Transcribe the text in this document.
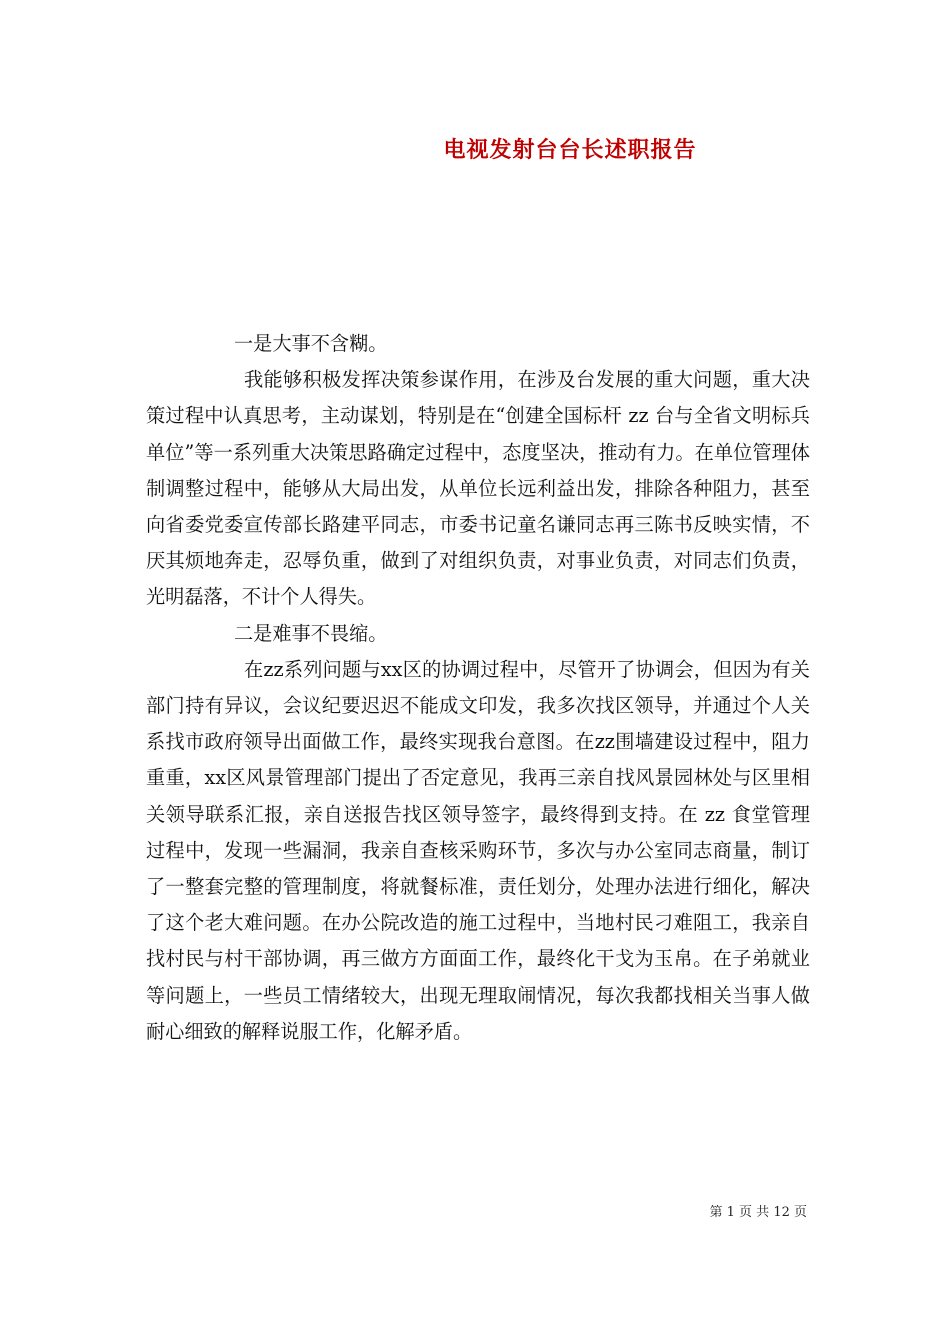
电视发射台台长述职报告

一是大事不含糊。

我能够积极发挥决策参谋作用，在涉及台发展的重大问题，重大决策过程中认真思考，主动谋划，特别是在“创建全国标杆 zz 台与全省文明标兵单位”等一系列重大决策思路确定过程中，态度坚决，推动有力。在单位管理体制调整过程中，能够从大局出发，从单位长远利益出发，排除各种阻力，甚至向省委党委宣传部长路建平同志，市委书记童名谦同志再三陈书反映实情，不厌其烦地奔走，忍辱负重，做到了对组织负责，对事业负责，对同志们负责，光明磊落，不计个人得失。

二是难事不畏缩。

在zz系列问题与xx区的协调过程中，尽管开了协调会，但因为有关部门持有异议，会议纪要迟迟不能成文印发，我多次找区领导，并通过个人关系找市政府领导出面做工作，最终实现我台意图。在zz围墙建设过程中，阻力重重，xx区风景管理部门提出了否定意见，我再三亲自找风景园林处与区里相关领导联系汇报，亲自送报告找区领导签字，最终得到支持。在 zz 食堂管理过程中，发现一些漏洞，我亲自查核采购环节，多次与办公室同志商量，制订了一整套完整的管理制度，将就餐标准，责任划分，处理办法进行细化，解决了这个老大难问题。在办公院改造的施工过程中，当地村民刁难阻工，我亲自找村民与村干部协调，再三做方方面面工作，最终化干戈为玉帛。在子弟就业等问题上，一些员工情绪较大，出现无理取闹情况，每次我都找相关当事人做耐心细致的解释说服工作，化解矛盾。

第 1 页 共 12 页
